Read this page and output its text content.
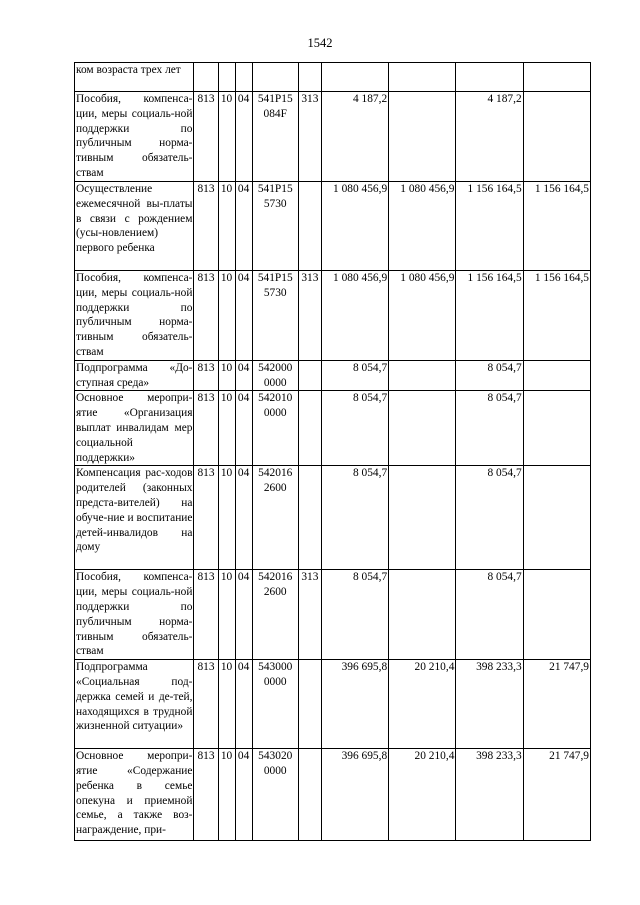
1542
ком возраста трех лет									
Пособия, компенса-ции, меры социаль-ной поддержки по публичным норма-тивным обязатель-ствам	813	10	04	541P15 084F	313	4 187,2		4 187,2	
Осуществление ежемесячной вы-платы в связи с рождением (усы-новлением) первого ребенка	813	10	04	541P15 5730		1 080 456,9	1 080 456,9	1 156 164,5	1 156 164,5
Пособия, компенса-ции, меры социаль-ной поддержки по публичным норма-тивным обязатель-ствам	813	10	04	541P15 5730	313	1 080 456,9	1 080 456,9	1 156 164,5	1 156 164,5
Подпрограмма «До-ступная среда»	813	10	04	542000 0000		8 054,7		8 054,7	
Основное меропри-ятие «Организация выплат инвалидам мер социальной поддержки»	813	10	04	542010 0000		8 054,7		8 054,7	
Компенсация рас-ходов родителей (законных предста-вителей) на обуче-ние и воспитание детей-инвалидов на дому	813	10	04	542016 2600		8 054,7		8 054,7	
Пособия, компенса-ции, меры социаль-ной поддержки по публичным норма-тивным обязатель-ствам	813	10	04	542016 2600	313	8 054,7		8 054,7	
Подпрограмма «Социальная под-держка семей и де-тей, находящихся в трудной жизненной ситуации»	813	10	04	543000 0000		396 695,8	20 210,4	398 233,3	21 747,9
Основное меропри-ятие «Содержание ребенка в семье опекуна и приемной семье, а также воз-награждение, при-	813	10	04	543020 0000		396 695,8	20 210,4	398 233,3	21 747,9
